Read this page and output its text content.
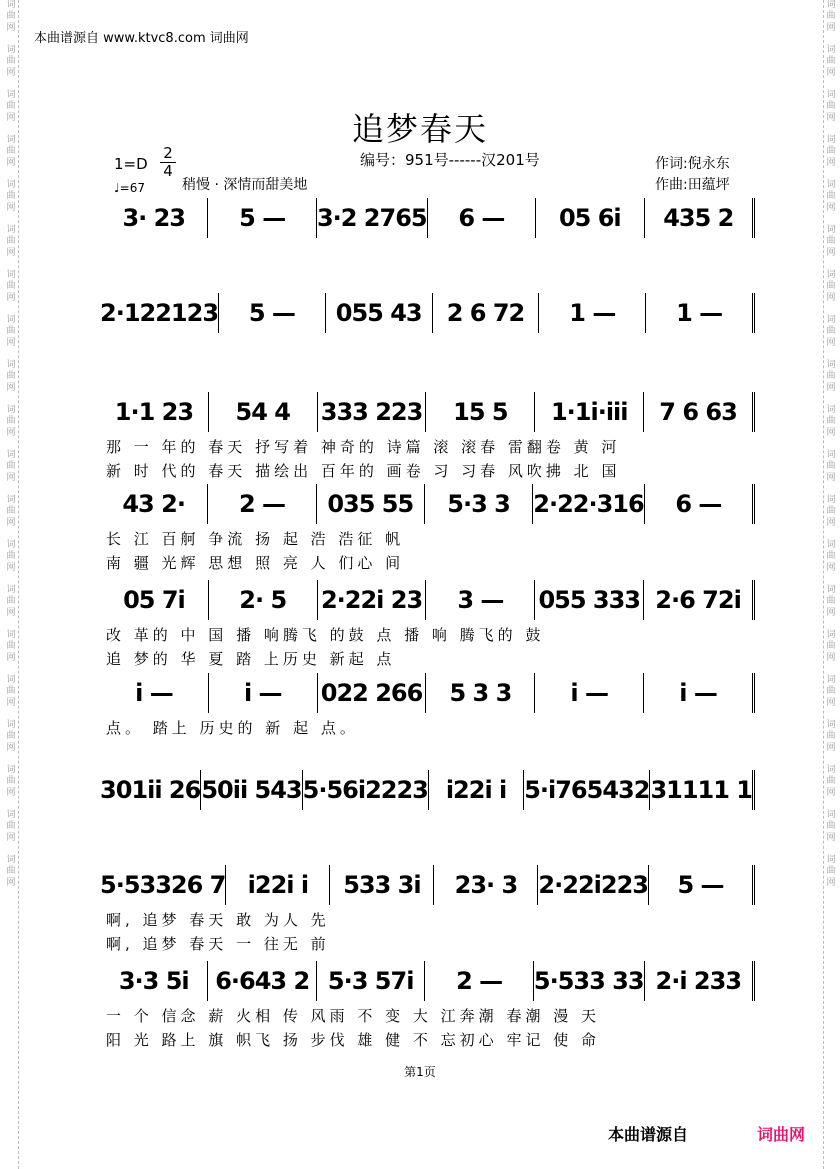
词
曲
网

词
曲
网

词
曲
网

词
曲
网

词
曲
网

词
曲
网

词
曲
网

词
曲
网

词
曲
网

词
曲
网

词
曲
网

词
曲
网

词
曲
网

词
曲
网

词
曲
网

词
曲
网

词
曲
网

词
曲
网

词
曲
网

词
曲
网

词
曲
网

词
曲
网

词
曲
网

词
曲
网

词
曲
网

词
曲
网

词
曲
网

词
曲
网

词
曲
网

词
曲
网

词
曲
网

词
曲
网

词
曲
网

词
曲
网

词
曲
网

词
曲
网

词
曲
网

词
曲
网

词
曲
网

词
曲
网

本曲谱源自 www.ktvc8.com 词曲网
追梦春天
1=D
2
4
编号：951号------汉201号	作词:倪永东
作曲:田蕴坪
♩=67	稍慢 · 深情而甜美地
3· 23	5 —	3·2 2765	6 —	05 6i	435 2
2·122123	5 —	055 43	2 6 72	1 —	1 —
1·1 23	54 4	333 223	15 5	1·1i·iii	7 6 63
那 一 年的 春天 抒写着 神奇的 诗篇 滚 滚春 雷翻卷 黄 河
新 时 代的 春天 描绘出 百年的 画卷 习 习春 风吹拂 北 国
43 2·	2 —	035 55	5·3 3 2·22·316	6 —
长 江 百舸 争流 扬 起 浩 浩征 帆
南 疆 光辉 思想 照 亮 人 们心 间
05 7i	2· 5	2·22i 23	3 —	055 333 2·6 72i
改 革的 中 国 播 响腾飞 的鼓 点 播 响 腾飞的 鼓
追 梦的 华 夏 踏 上历史 新起 点
i —	i —	022 266	5 3 3	i —	i —
点。 踏上 历史的 新 起 点。
301ii 26 50ii 543 5·56i2223 i22i i 5·i765432 31111 1
5·53326 7 i22i i	533 3i	23· 3 2·22i223	5 —
啊, 追梦 春天 敢 为人 先
啊, 追梦 春天 一 往无 前
3·3 5i	6·643 2 5·3 57i	2 —	5·533 33 2·i 233
一 个 信念 薪 火相 传 风雨 不 变 大 江奔潮 春潮 漫 天
阳 光 路上 旗 帜飞 扬 步伐 雄 健 不 忘初心 牢记 使 命
第1页
本曲谱源自	词曲网
